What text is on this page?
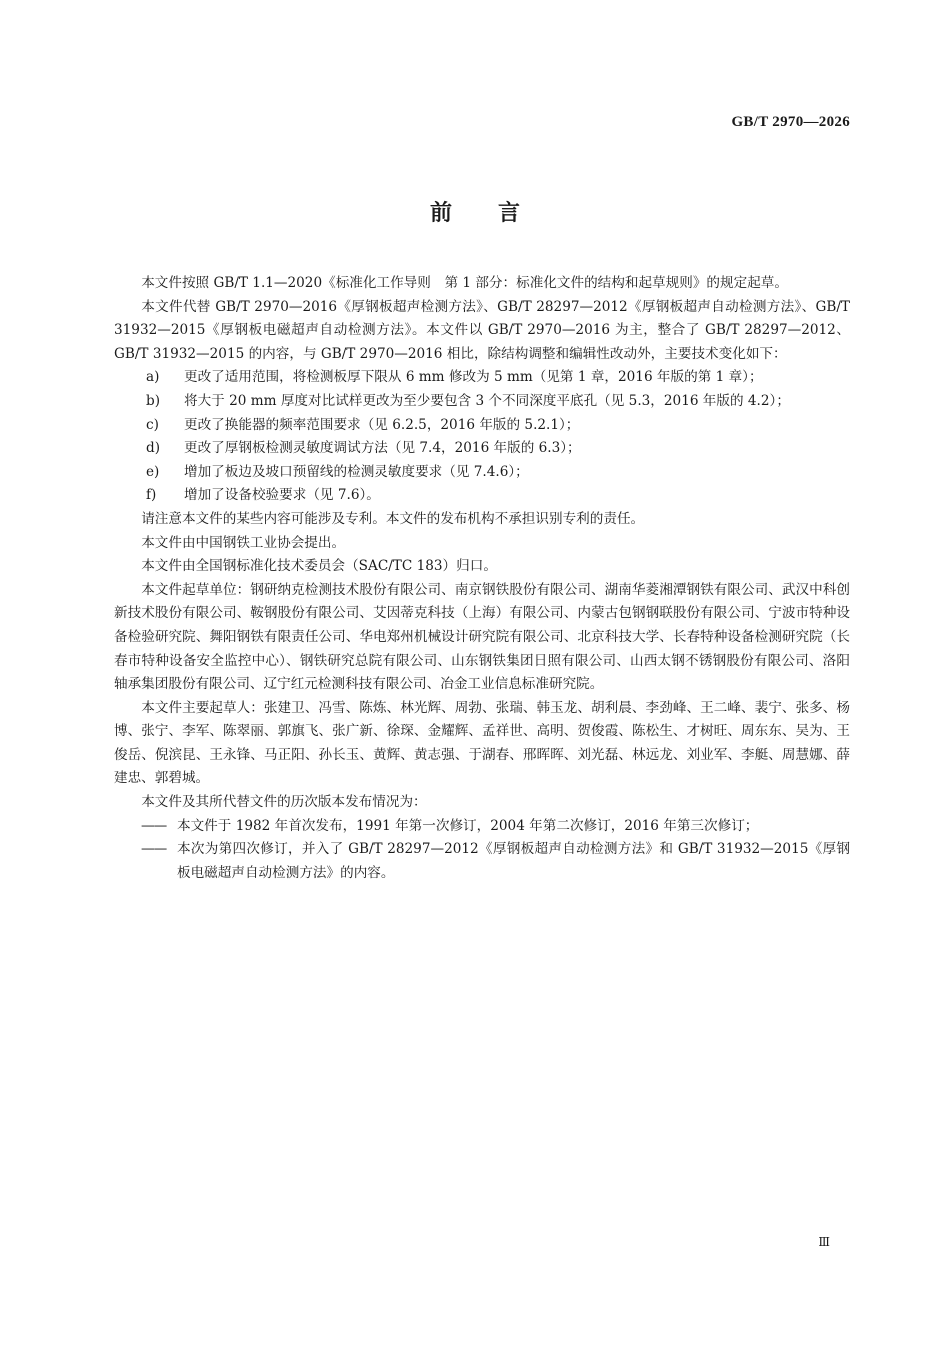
GB/T 2970—2026
前言

本文件按照 GB/T 1.1—2020《标准化工作导则　第 1 部分：标准化文件的结构和起草规则》的规定起草。

本文件代替 GB/T 2970—2016《厚钢板超声检测方法》、GB/T 28297—2012《厚钢板超声自动检测方法》、GB/T 31932—2015《厚钢板电磁超声自动检测方法》。本文件以 GB/T 2970—2016 为主，整合了 GB/T 28297—2012、GB/T 31932—2015 的内容，与 GB/T 2970—2016 相比，除结构调整和编辑性改动外，主要技术变化如下：

a)	更改了适用范围，将检测板厚下限从 6 mm 修改为 5 mm（见第 1 章，2016 年版的第 1 章）；
b)	将大于 20 mm 厚度对比试样更改为至少要包含 3 个不同深度平底孔（见 5.3，2016 年版的 4.2）；
c)	更改了换能器的频率范围要求（见 6.2.5，2016 年版的 5.2.1）；
d)	更改了厚钢板检测灵敏度调试方法（见 7.4，2016 年版的 6.3）；
e)	增加了板边及坡口预留线的检测灵敏度要求（见 7.4.6）；
f)	增加了设备校验要求（见 7.6）。

请注意本文件的某些内容可能涉及专利。本文件的发布机构不承担识别专利的责任。

本文件由中国钢铁工业协会提出。

本文件由全国钢标准化技术委员会（SAC/TC 183）归口。

本文件起草单位：钢研纳克检测技术股份有限公司、南京钢铁股份有限公司、湖南华菱湘潭钢铁有限公司、武汉中科创新技术股份有限公司、鞍钢股份有限公司、艾因蒂克科技（上海）有限公司、内蒙古包钢钢联股份有限公司、宁波市特种设备检验研究院、舞阳钢铁有限责任公司、华电郑州机械设计研究院有限公司、北京科技大学、长春特种设备检测研究院（长春市特种设备安全监控中心）、钢铁研究总院有限公司、山东钢铁集团日照有限公司、山西太钢不锈钢股份有限公司、洛阳轴承集团股份有限公司、辽宁红元检测科技有限公司、冶金工业信息标准研究院。

本文件主要起草人：张建卫、冯雪、陈炼、林光辉、周勃、张瑞、韩玉龙、胡利晨、李劲峰、王二峰、裴宁、张多、杨博、张宁、李军、陈翠丽、郭旗飞、张广新、徐琛、金耀辉、孟祥世、高明、贺俊霞、陈松生、才树旺、周东东、吴为、王俊岳、倪滨昆、王永锋、马正阳、孙长玉、黄辉、黄志强、于湖春、邢晖晖、刘光磊、林远龙、刘业军、李艇、周慧娜、薛建忠、郭碧城。

本文件及其所代替文件的历次版本发布情况为：

—— 本文件于 1982 年首次发布，1991 年第一次修订，2004 年第二次修订，2016 年第三次修订；
—— 本次为第四次修订，并入了 GB/T 28297—2012《厚钢板超声自动检测方法》和 GB/T 31932—2015《厚钢板电磁超声自动检测方法》的内容。
Ⅲ
